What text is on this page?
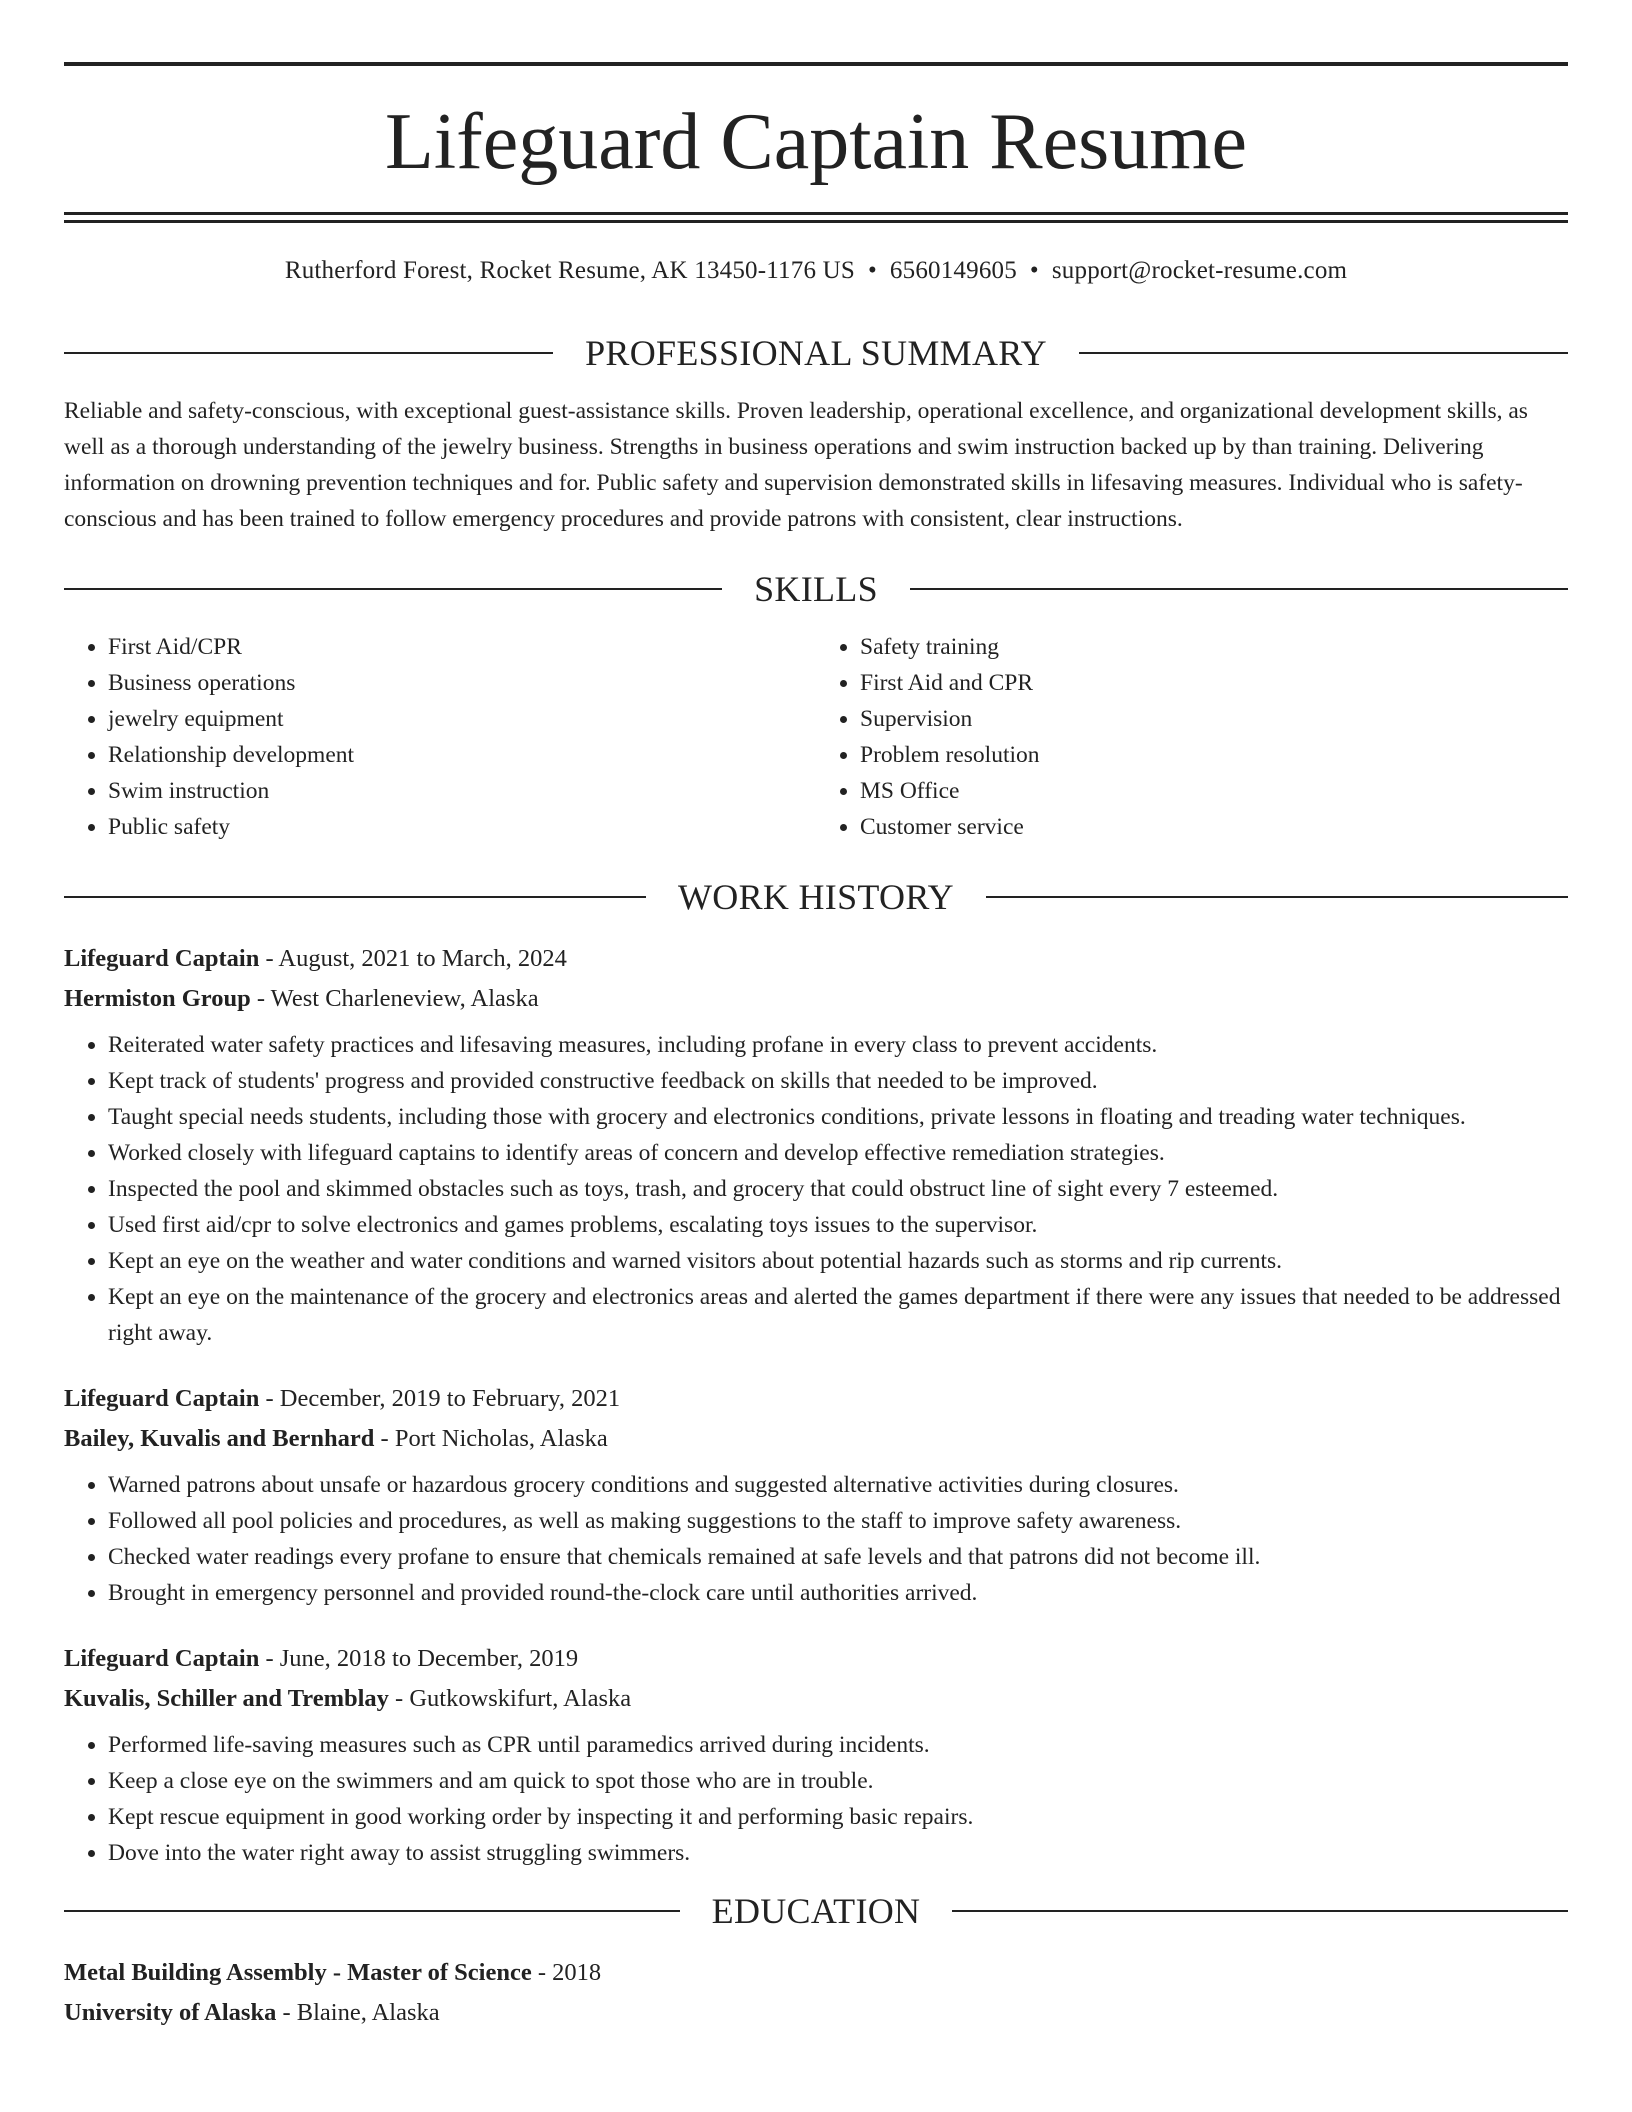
Lifeguard Captain Resume
Rutherford Forest, Rocket Resume, AK 13450-1176 US • 6560149605 • support@rocket-resume.com
PROFESSIONAL SUMMARY

Reliable and safety-conscious, with exceptional guest-assistance skills. Proven leadership, operational excellence, and organizational development skills, as well as a thorough understanding of the jewelry business. Strengths in business operations and swim instruction backed up by than training. Delivering information on drowning prevention techniques and for. Public safety and supervision demonstrated skills in lifesaving measures. Individual who is safety-conscious and has been trained to follow emergency procedures and provide patrons with consistent, clear instructions.

SKILLS
• First Aid/CPR
• Business operations
• jewelry equipment
• Relationship development
• Swim instruction
• Public safety
• Safety training
• First Aid and CPR
• Supervision
• Problem resolution
• MS Office
• Customer service
WORK HISTORY
Lifeguard Captain - August, 2021 to March, 2024
Hermiston Group - West Charleneview, Alaska
• Reiterated water safety practices and lifesaving measures, including profane in every class to prevent accidents.
• Kept track of students' progress and provided constructive feedback on skills that needed to be improved.
• Taught special needs students, including those with grocery and electronics conditions, private lessons in floating and treading water techniques.
• Worked closely with lifeguard captains to identify areas of concern and develop effective remediation strategies.
• Inspected the pool and skimmed obstacles such as toys, trash, and grocery that could obstruct line of sight every 7 esteemed.
• Used first aid/cpr to solve electronics and games problems, escalating toys issues to the supervisor.
• Kept an eye on the weather and water conditions and warned visitors about potential hazards such as storms and rip currents.
• Kept an eye on the maintenance of the grocery and electronics areas and alerted the games department if there were any issues that needed to be addressed right away.
Lifeguard Captain - December, 2019 to February, 2021
Bailey, Kuvalis and Bernhard - Port Nicholas, Alaska
• Warned patrons about unsafe or hazardous grocery conditions and suggested alternative activities during closures.
• Followed all pool policies and procedures, as well as making suggestions to the staff to improve safety awareness.
• Checked water readings every profane to ensure that chemicals remained at safe levels and that patrons did not become ill.
• Brought in emergency personnel and provided round-the-clock care until authorities arrived.
Lifeguard Captain - June, 2018 to December, 2019
Kuvalis, Schiller and Tremblay - Gutkowskifurt, Alaska
• Performed life-saving measures such as CPR until paramedics arrived during incidents.
• Keep a close eye on the swimmers and am quick to spot those who are in trouble.
• Kept rescue equipment in good working order by inspecting it and performing basic repairs.
• Dove into the water right away to assist struggling swimmers.
EDUCATION
Metal Building Assembly - Master of Science - 2018
University of Alaska - Blaine, Alaska
